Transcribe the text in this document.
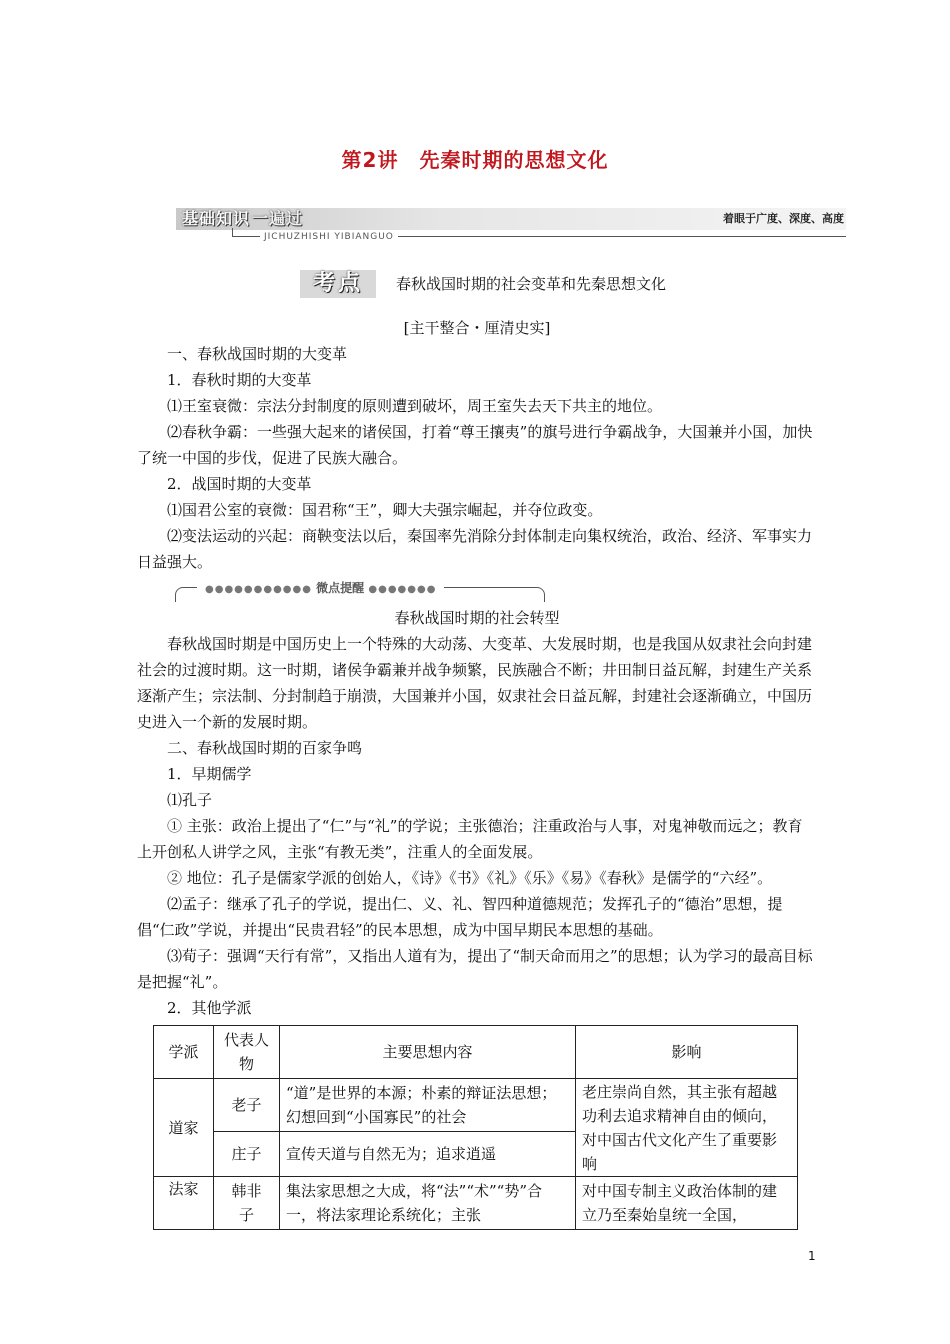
第2讲　先秦时期的思想文化
基础知识 一遍过	着眼于广度、深度、高度
JICHUZHISHI YIBIANGUO
考点	春秋战国时期的社会变革和先秦思想文化

[主干整合・厘清史实]

一、春秋战国时期的大变革

1．春秋时期的大变革

⑴王室衰微：宗法分封制度的原则遭到破坏，周王室失去天下共主的地位。

⑵春秋争霸：一些强大起来的诸侯国，打着“尊王攘夷”的旗号进行争霸战争，大国兼并小国，加快了统一中国的步伐，促进了民族大融合。

2．战国时期的大变革

⑴国君公室的衰微：国君称“王”，卿大夫强宗崛起，并夺位政变。

⑵变法运动的兴起：商鞅变法以后，秦国率先消除分封体制走向集权统治，政治、经济、军事实力日益强大。

●●●●●●●●●●● 微点提醒 ●●●●●●●

春秋战国时期的社会转型

春秋战国时期是中国历史上一个特殊的大动荡、大变革、大发展时期，也是我国从奴隶社会向封建社会的过渡时期。这一时期，诸侯争霸兼并战争频繁，民族融合不断；井田制日益瓦解，封建生产关系逐渐产生；宗法制、分封制趋于崩溃，大国兼并小国，奴隶社会日益瓦解，封建社会逐渐确立，中国历史进入一个新的发展时期。

二、春秋战国时期的百家争鸣

1．早期儒学

⑴孔子

① 主张：政治上提出了“仁”与“礼”的学说；主张德治；注重政治与人事，对鬼神敬而远之；教育上开创私人讲学之风，主张“有教无类”，注重人的全面发展。

② 地位：孔子是儒家学派的创始人，《诗》《书》《礼》《乐》《易》《春秋》是儒学的“六经”。

⑵孟子：继承了孔子的学说，提出仁、义、礼、智四种道德规范；发挥孔子的“德治”思想，提倡“仁政”学说，并提出“民贵君轻”的民本思想，成为中国早期民本思想的基础。

⑶荀子：强调“天行有常”，又指出人道有为，提出了“制天命而用之”的思想；认为学习的最高目标是把握“礼”。

2．其他学派

学派	代表人物	主要思想内容	影响
道家	老子	“道”是世界的本源；朴素的辩证法思想；幻想回到“小国寡民”的社会	老庄崇尚自然，其主张有超越功利去追求精神自由的倾向，对中国古代文化产生了重要影响
	庄子	宣传天道与自然无为；追求逍遥	
法家	韩非子	集法家思想之大成，将“法”“术”“势”合一，将法家理论系统化；主张	对中国专制主义政治体制的建立乃至秦始皇统一全国，
1
